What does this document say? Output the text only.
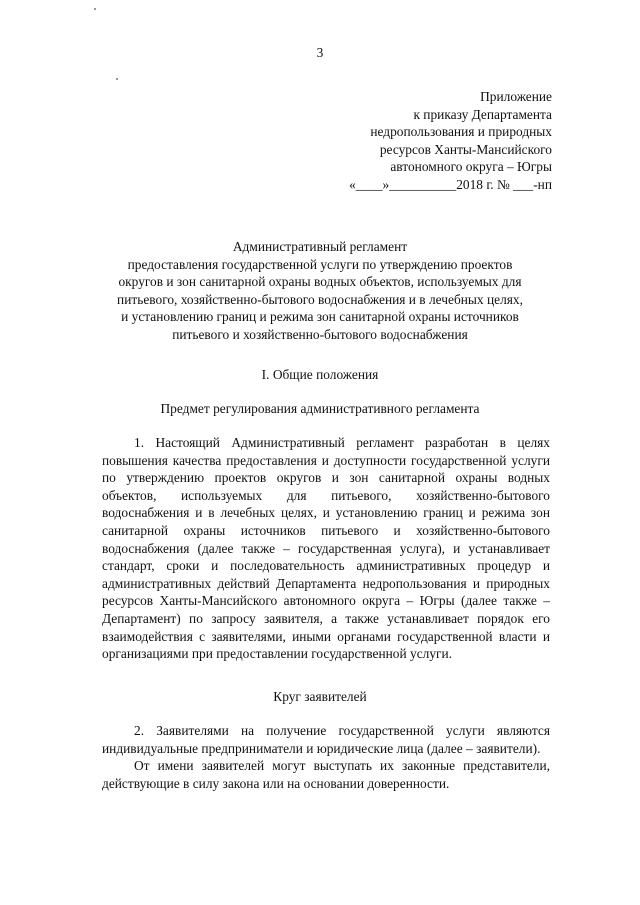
3
Приложение
к приказу Департамента
недропользования и природных
ресурсов Ханты-Мансийского
автономного округа – Югры
«____»__________2018 г. № ___-нп
Административный регламент
предоставления государственной услуги по утверждению проектов
округов и зон санитарной охраны водных объектов, используемых для
питьевого, хозяйственно-бытового водоснабжения и в лечебных целях,
и установлению границ и режима зон санитарной охраны источников
питьевого и хозяйственно-бытового водоснабжения
I. Общие положения
Предмет регулирования административного регламента

1. Настоящий Административный регламент разработан в целях повышения качества предоставления и доступности государственной услуги по утверждению проектов округов и зон санитарной охраны водных объектов, используемых для питьевого, хозяйственно-бытового водоснабжения и в лечебных целях, и установлению границ и режима зон санитарной охраны источников питьевого и хозяйственно-бытового водоснабжения (далее также – государственная услуга), и устанавливает стандарт, сроки и последовательность административных процедур и административных действий Департамента недропользования и природных ресурсов Ханты-Мансийского автономного округа – Югры (далее также – Департамент) по запросу заявителя, а также устанавливает порядок его взаимодействия с заявителями, иными органами государственной власти и организациями при предоставлении государственной услуги.

Круг заявителей

2. Заявителями на получение государственной услуги являются индивидуальные предприниматели и юридические лица (далее – заявители).

От имени заявителей могут выступать их законные представители, действующие в силу закона или на основании доверенности.
